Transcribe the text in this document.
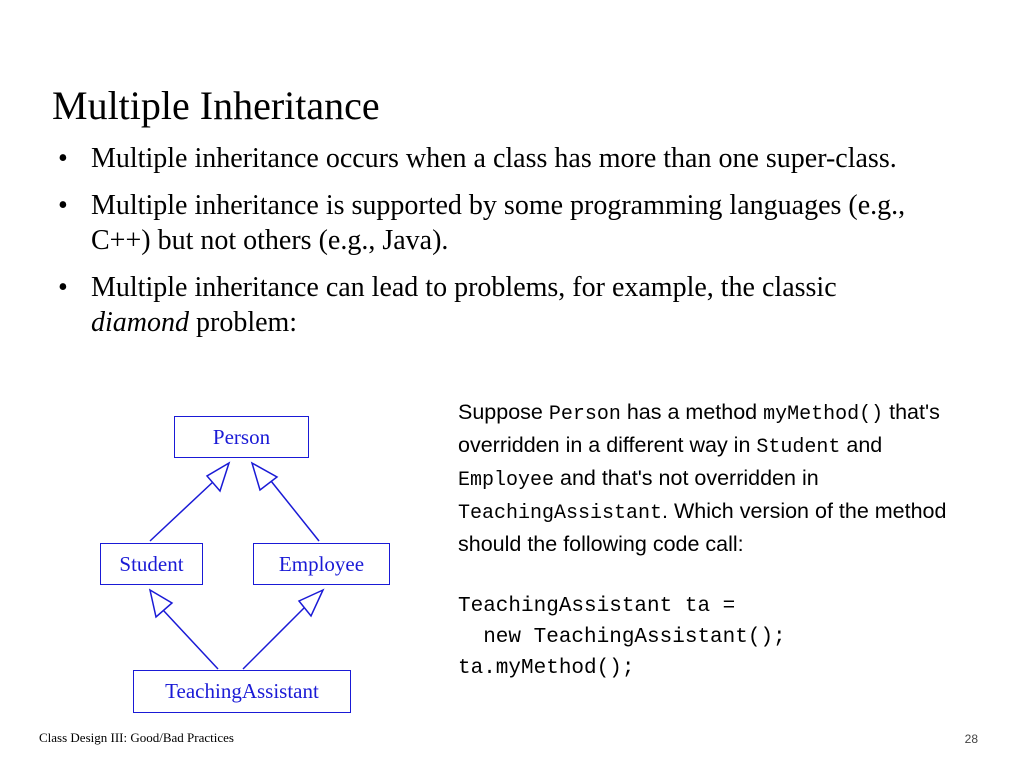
Multiple Inheritance
• Multiple inheritance occurs when a class has more than one super-class.
• Multiple inheritance is supported by some programming languages (e.g., C++) but not others (e.g., Java).
• Multiple inheritance can lead to problems, for example, the classic diamond problem:
Person
Student	Employee
TeachingAssistant

Suppose Person has a method myMethod() that's overridden in a different way in Student and Employee and that's not overridden in TeachingAssistant. Which version of the method should the following code call:

TeachingAssistant ta =
new TeachingAssistant();
ta.myMethod();
Class Design III: Good/Bad Practices	28
